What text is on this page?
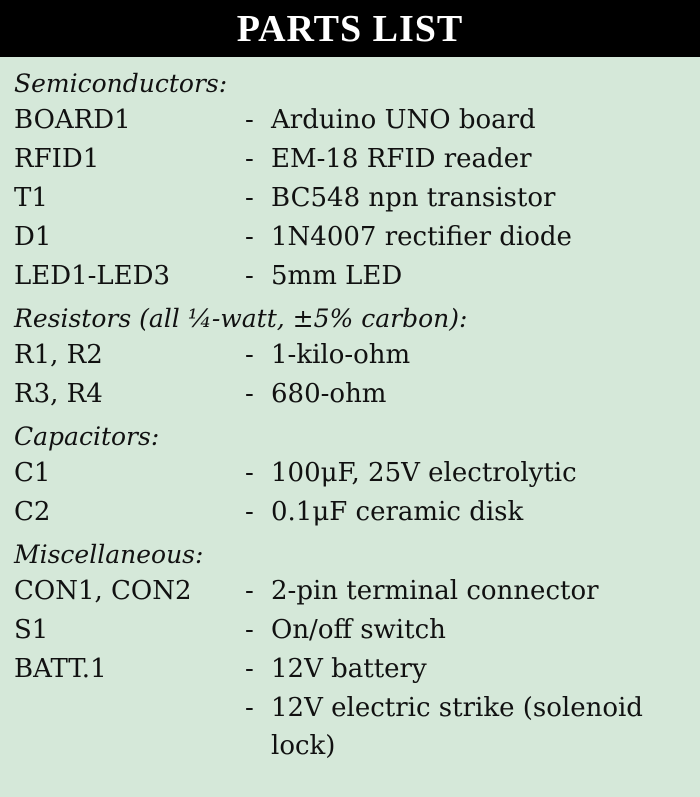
PARTS LIST
Semiconductors:
BOARD1	- Arduino UNO board
RFID1	- EM-18 RFID reader
T1	- BC548 npn transistor
D1	- 1N4007 rectifier diode
LED1-LED3	- 5mm LED
Resistors (all ¼-watt, ±5% carbon):
R1, R2	- 1-kilo-ohm
R3, R4	- 680-ohm
Capacitors:
C1	- 100μF, 25V electrolytic
C2	- 0.1μF ceramic disk
Miscellaneous:
CON1, CON2	- 2-pin terminal connector
S1	- On/off switch
BATT.1	- 12V battery
- 12V electric strike (solenoid lock)
